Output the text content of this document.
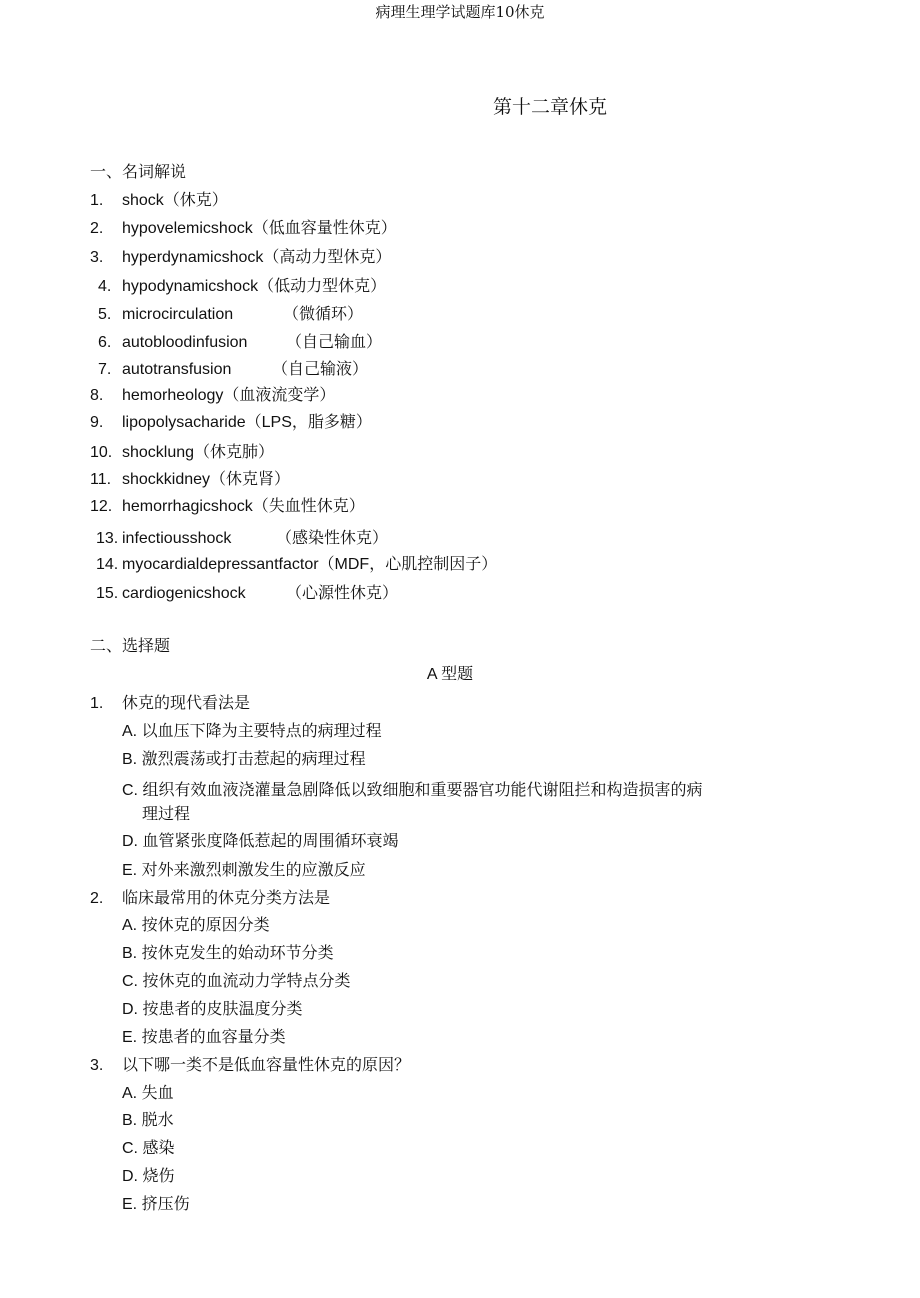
病理生理学试题库10休克
第十二章休克
一、名词解说
1. shock（休克）
2. hypovelemicshock（低血容量性休克）
3. hyperdynamicshock（高动力型休克）
4. hypodynamicshock（低动力型休克）
5. microcirculation	（微循环）
6. autobloodinfusion （自己输血）
7. autotransfusion	（自己输液）
8. hemorheology（血液流变学）
9. lipopolysacharide（LPS，脂多糖）
10. shocklung（休克肺）
11. shockkidney（休克肾）
12. hemorrhagicshock（失血性休克）
13. infectiousshock	（感染性休克）
14. myocardialdepressantfactor（MDF，心肌控制因子）
15. cardiogenicshock	（心源性休克）
二、选择题
A 型题
1. 休克的现代看法是
A. 以血压下降为主要特点的病理过程
B. 激烈震荡或打击惹起的病理过程
C. 组织有效血液浇灌量急剧降低以致细胞和重要器官功能代谢阻拦和构造损害的病
理过程
D. 血管紧张度降低惹起的周围循环衰竭
E. 对外来激烈刺激发生的应激反应
2. 临床最常用的休克分类方法是
A. 按休克的原因分类
B. 按休克发生的始动环节分类
C. 按休克的血流动力学特点分类
D. 按患者的皮肤温度分类
E. 按患者的血容量分类
3. 以下哪一类不是低血容量性休克的原因？
A. 失血
B. 脱水
C. 感染
D. 烧伤
E. 挤压伤
